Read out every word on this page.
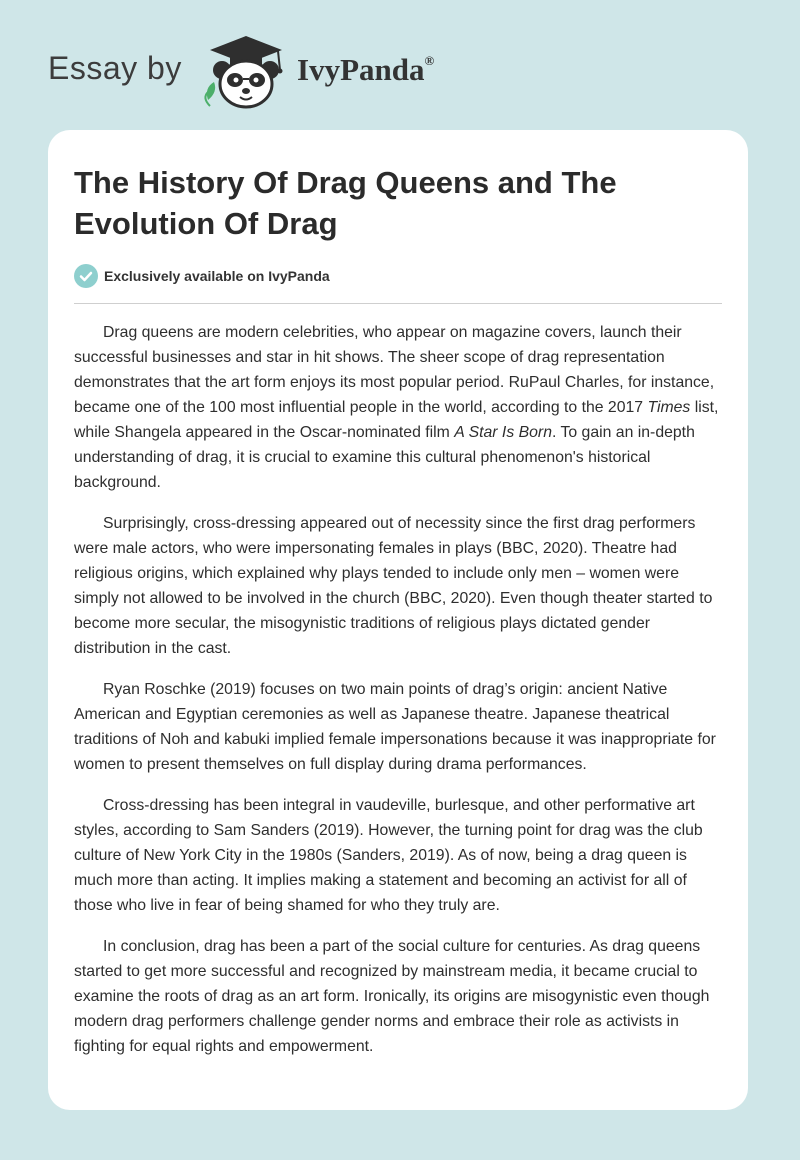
Essay by	IvyPanda®
The History Of Drag Queens and The Evolution Of Drag
Exclusively available on IvyPanda

Drag queens are modern celebrities, who appear on magazine covers, launch their successful businesses and star in hit shows. The sheer scope of drag representation demonstrates that the art form enjoys its most popular period. RuPaul Charles, for instance, became one of the 100 most influential people in the world, according to the 2017 Times list, while Shangela appeared in the Oscar-nominated film A Star Is Born. To gain an in-depth understanding of drag, it is crucial to examine this cultural phenomenon's historical background.

Surprisingly, cross-dressing appeared out of necessity since the first drag performers were male actors, who were impersonating females in plays (BBC, 2020). Theatre had religious origins, which explained why plays tended to include only men – women were simply not allowed to be involved in the church (BBC, 2020). Even though theater started to become more secular, the misogynistic traditions of religious plays dictated gender distribution in the cast.

Ryan Roschke (2019) focuses on two main points of drag’s origin: ancient Native American and Egyptian ceremonies as well as Japanese theatre. Japanese theatrical traditions of Noh and kabuki implied female impersonations because it was inappropriate for women to present themselves on full display during drama performances.

Cross-dressing has been integral in vaudeville, burlesque, and other performative art styles, according to Sam Sanders (2019). However, the turning point for drag was the club culture of New York City in the 1980s (Sanders, 2019). As of now, being a drag queen is much more than acting. It implies making a statement and becoming an activist for all of those who live in fear of being shamed for who they truly are.

In conclusion, drag has been a part of the social culture for centuries. As drag queens started to get more successful and recognized by mainstream media, it became crucial to examine the roots of drag as an art form. Ironically, its origins are misogynistic even though modern drag performers challenge gender norms and embrace their role as activists in fighting for equal rights and empowerment.
